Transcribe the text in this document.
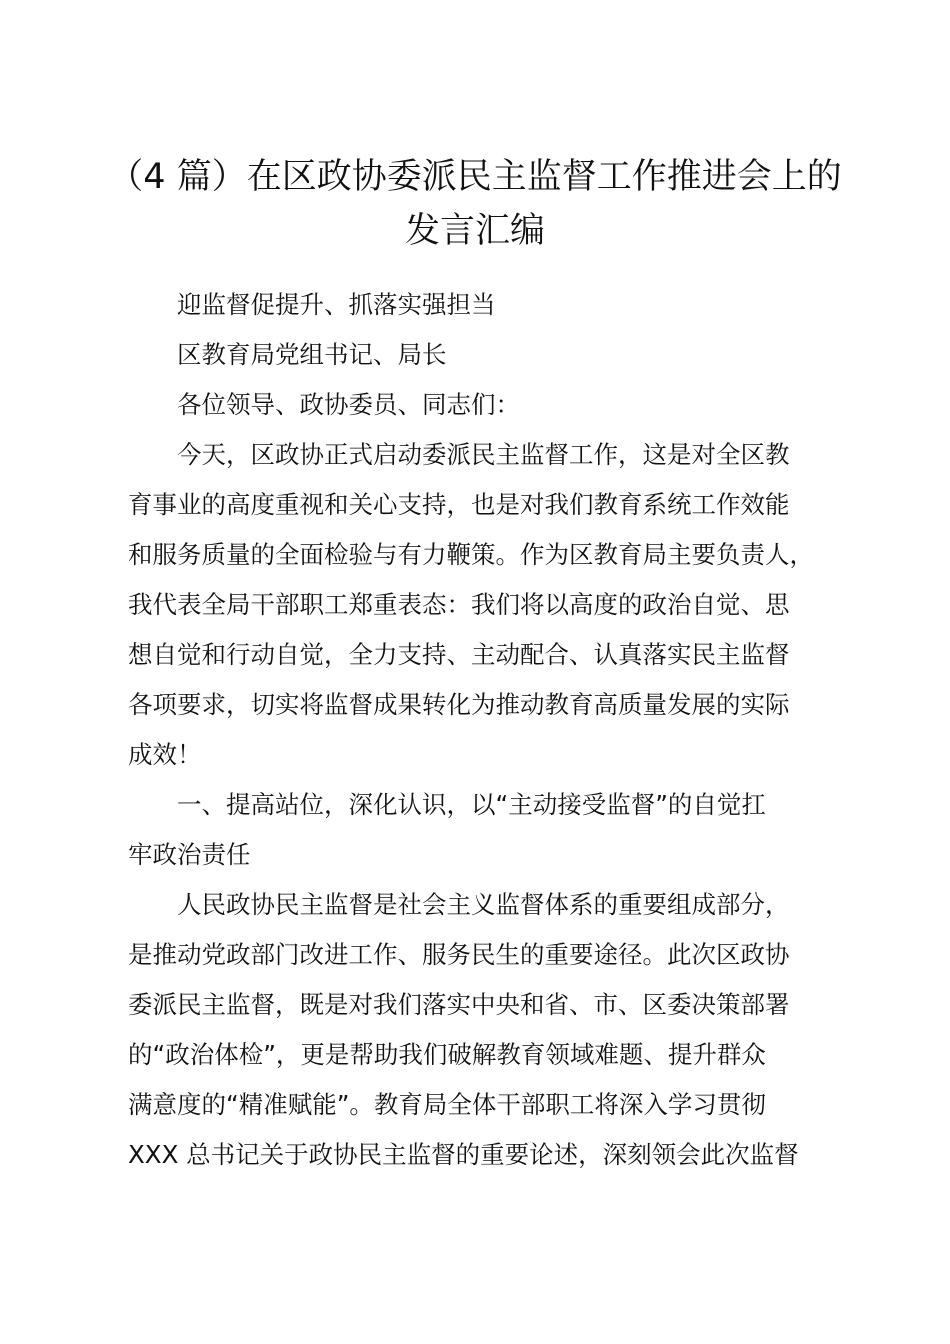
（4 篇）在区政协委派民主监督工作推进会上的
发言汇编

迎监督促提升、抓落实强担当

区教育局党组书记、局长

各位领导、政协委员、同志们：

今天，区政协正式启动委派民主监督工作，这是对全区教

育事业的高度重视和关心支持，也是对我们教育系统工作效能

和服务质量的全面检验与有力鞭策。作为区教育局主要负责人，

我代表全局干部职工郑重表态：我们将以高度的政治自觉、思

想自觉和行动自觉，全力支持、主动配合、认真落实民主监督

各项要求，切实将监督成果转化为推动教育高质量发展的实际

成效！

一、提高站位，深化认识，以“主动接受监督”的自觉扛

牢政治责任

人民政协民主监督是社会主义监督体系的重要组成部分，

是推动党政部门改进工作、服务民生的重要途径。此次区政协

委派民主监督，既是对我们落实中央和省、市、区委决策部署

的“政治体检”，更是帮助我们破解教育领域难题、提升群众

满意度的“精准赋能”。教育局全体干部职工将深入学习贯彻

XXX 总书记关于政协民主监督的重要论述，深刻领会此次监督
